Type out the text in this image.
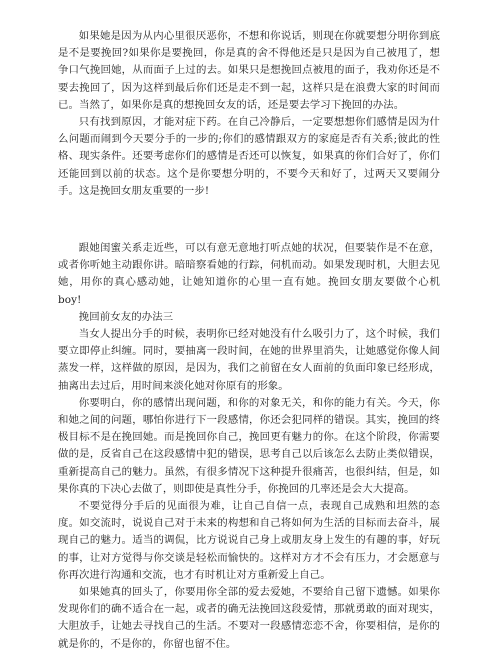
如果她是因为从内心里很厌恶你，不想和你说话，则现在你就要想分明你到底是不是要挽回?如果你是要挽回，你是真的舍不得他还是只是因为自己被甩了，想争口气挽回她，从而面子上过的去。如果只是想挽回点被甩的面子，我劝你还是不要去挽回了，因为这样到最后你们还是走不到一起，这样只是在浪费大家的时间而已。当然了，如果你是真的想挽回女友的话，还是要去学习下挽回的办法。

只有找到原因，才能对症下药。在自己冷静后，一定要想想你们感情是因为什么问题而闹到今天要分手的一步的;你们的感情跟双方的家庭是否有关系;彼此的性格、现实条件。还要考虑你们的感情是否还可以恢复，如果真的你们合好了，你们还能回到以前的状态。这个是你要想分明的，不要今天和好了，过两天又要闹分手。这是挽回女朋友重要的一步!

跟她闺蜜关系走近些，可以有意无意地打听点她的状况，但要装作是不在意，或者你听她主动跟你讲。暗暗察看她的行踪，伺机而动。如果发现时机，大胆去见她，用你的真心感动她，让她知道你的心里一直有她。挽回女朋友要做个心机 boy!

挽回前女友的办法三

当女人提出分手的时候，表明你已经对她没有什么吸引力了，这个时候，我们要立即停止纠缠。同时，要抽离一段时间，在她的世界里消失，让她感觉你像人间蒸发一样，这样做的原因，是因为，我们之前留在女人面前的负面印象已经形成，抽离出去过后，用时间来淡化她对你原有的形象。

你要明白，你的感情出现问题，和你的对象无关，和你的能力有关。今天，你和她之间的问题，哪怕你进行下一段感情，你还会犯同样的错误。其实，挽回的终极目标不是在挽回她。而是挽回你自己，挽回更有魅力的你。在这个阶段，你需要做的是，反省自己在这段感情中犯的错误，思考自己以后该怎么去防止类似错误，重新提高自己的魅力。虽然，有很多情况下这种提升很痛苦，也很纠结，但是，如果你真的下决心去做了，则即使是真性分手，你挽回的几率还是会大大提高。

不要觉得分手后的见面很为难，让自己自信一点，表现自己成熟和坦然的态度。如交流时，说说自己对于未来的构想和自己将如何为生活的目标而去奋斗，展现自己的魅力。适当的调侃，比方说说自己身上或朋友身上发生的有趣的事，好玩的事，让对方觉得与你交谈是轻松而愉快的。这样对方才不会有压力，才会愿意与你再次进行沟通和交流，也才有时机让对方重新爱上自己。

如果她真的回头了，你要用你全部的爱去爱她，不要给自己留下遗憾。如果你发现你们的确不适合在一起，或者的确无法挽回这段爱情，那就勇敢的面对现实，大胆放手，让她去寻找自己的生活。不要对一段感情恋恋不舍，你要相信，是你的就是你的，不是你的，你留也留不住。
